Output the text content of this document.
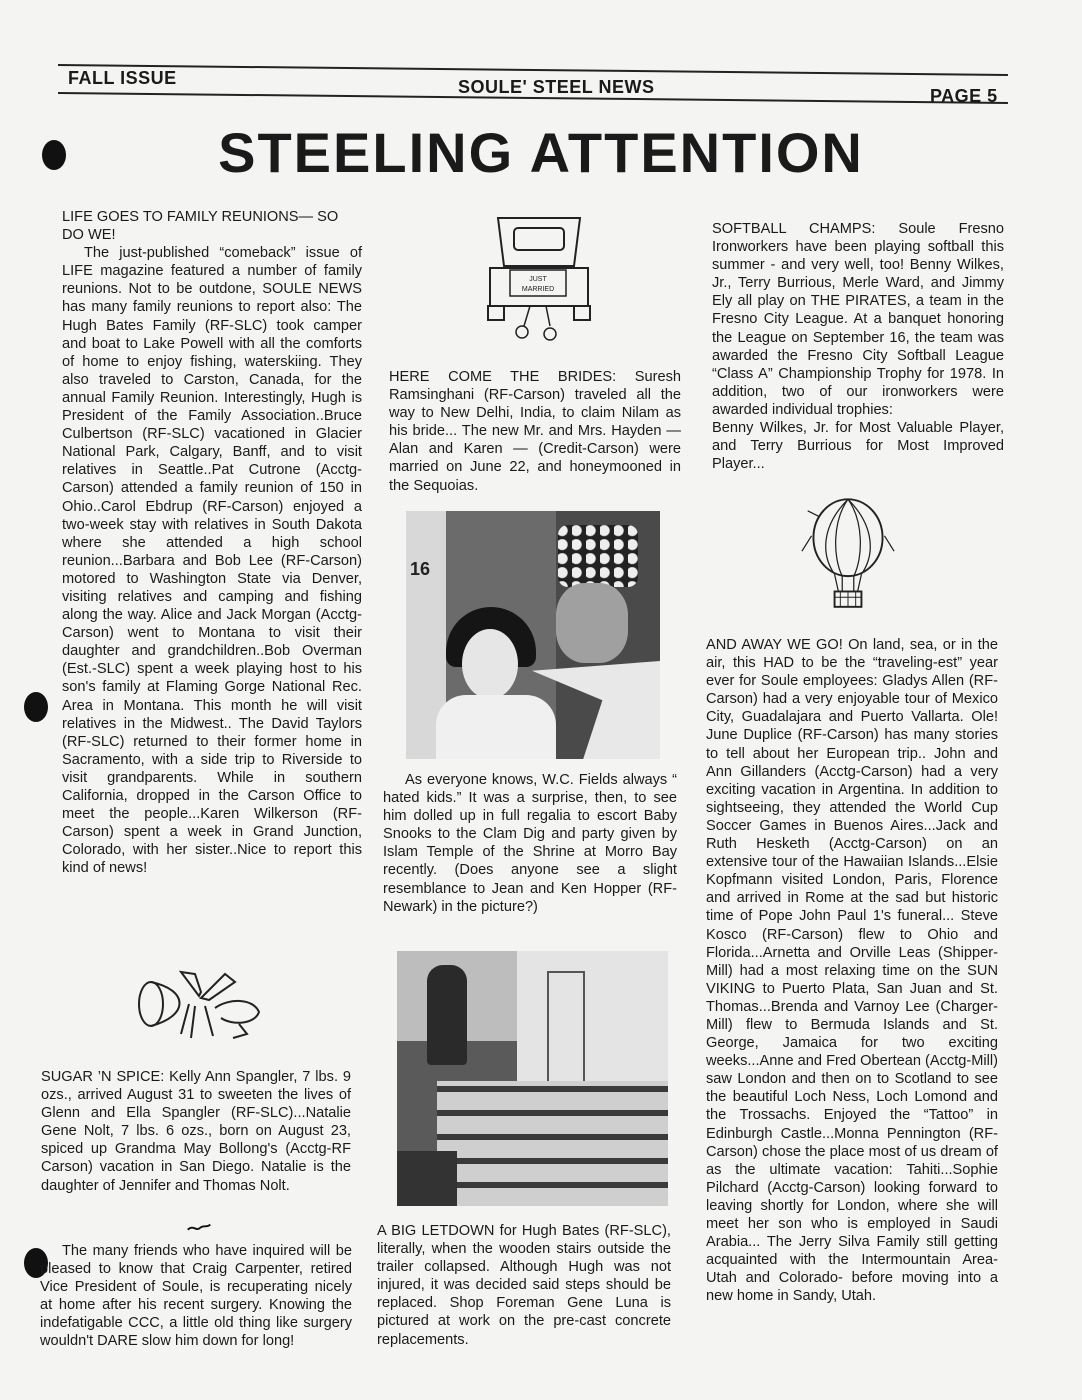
FALL ISSUE	SOULE' STEEL NEWS	PAGE 5
STEELING ATTENTION

LIFE GOES TO FAMILY REUNIONS— SO DO WE!

The just-published “comeback” issue of LIFE magazine featured a number of family reunions. Not to be outdone, SOULE NEWS has many family reunions to report also: The Hugh Bates Family (RF-SLC) took camper and boat to Lake Powell with all the comforts of home to enjoy fishing, waterskiing. They also traveled to Carston, Canada, for the annual Family Reunion. Interestingly, Hugh is President of the Family Association..Bruce Culbertson (RF-SLC) vacationed in Glacier National Park, Calgary, Banff, and to visit relatives in Seattle..Pat Cutrone (Acctg-Carson) attended a family reunion of 150 in Ohio..Carol Ebdrup (RF-Carson) enjoyed a two-week stay with relatives in South Dakota where she attended a high school reunion...Barbara and Bob Lee (RF-Carson) motored to Washington State via Denver, visiting relatives and camping and fishing along the way. Alice and Jack Morgan (Acctg-Carson) went to Montana to visit their daughter and grandchildren..Bob Overman (Est.-SLC) spent a week playing host to his son's family at Flaming Gorge National Rec. Area in Montana. This month he will visit relatives in the Midwest.. The David Taylors (RF-SLC) returned to their former home in Sacramento, with a side trip to Riverside to visit grandparents. While in southern California, dropped in the Carson Office to meet the people...Karen Wilkerson (RF-Carson) spent a week in Grand Junction, Colorado, with her sister..Nice to report this kind of news!

SUGAR ’N SPICE: Kelly Ann Spangler, 7 lbs. 9 ozs., arrived August 31 to sweeten the lives of Glenn and Ella Spangler (RF-SLC)...Natalie Gene Nolt, 7 lbs. 6 ozs., born on August 23, spiced up Grandma May Bollong's (Acctg-RF Carson) vacation in San Diego. Natalie is the daughter of Jennifer and Thomas Nolt.

The many friends who have inquired will be pleased to know that Craig Carpenter, retired Vice President of Soule, is recuperating nicely at home after his recent surgery. Knowing the indefatigable CCC, a little old thing like surgery wouldn't DARE slow him down for long!

JUST
MARRIED

HERE COME THE BRIDES: Suresh Ramsinghani (RF-Carson) traveled all the way to New Delhi, India, to claim Nilam as his bride... The new Mr. and Mrs. Hayden — Alan and Karen — (Credit-Carson) were married on June 22, and honeymooned in the Sequoias.

16

As everyone knows, W.C. Fields always “ hated kids.” It was a surprise, then, to see him dolled up in full regalia to escort Baby Snooks to the Clam Dig and party given by Islam Temple of the Shrine at Morro Bay recently. (Does anyone see a slight resemblance to Jean and Ken Hopper (RF-Newark) in the picture?)

A BIG LETDOWN for Hugh Bates (RF-SLC), literally, when the wooden stairs outside the trailer collapsed. Although Hugh was not injured, it was decided said steps should be replaced. Shop Foreman Gene Luna is pictured at work on the pre-cast concrete replacements.

SOFTBALL CHAMPS: Soule Fresno Ironworkers have been playing softball this summer - and very well, too! Benny Wilkes, Jr., Terry Burrious, Merle Ward, and Jimmy Ely all play on THE PIRATES, a team in the Fresno City League. At a banquet honoring the League on September 16, the team was awarded the Fresno City Softball League “Class A” Championship Trophy for 1978. In addition, two of our ironworkers were awarded individual trophies:

Benny Wilkes, Jr. for Most Valuable Player, and Terry Burrious for Most Improved Player...

AND AWAY WE GO! On land, sea, or in the air, this HAD to be the “traveling-est” year ever for Soule employees: Gladys Allen (RF-Carson) had a very enjoyable tour of Mexico City, Guadalajara and Puerto Vallarta. Ole! June Duplice (RF-Carson) has many stories to tell about her European trip.. John and Ann Gillanders (Acctg-Carson) had a very exciting vacation in Argentina. In addition to sightseeing, they attended the World Cup Soccer Games in Buenos Aires...Jack and Ruth Hesketh (Acctg-Carson) on an extensive tour of the Hawaiian Islands...Elsie Kopfmann visited London, Paris, Florence and arrived in Rome at the sad but historic time of Pope John Paul 1's funeral... Steve Kosco (RF-Carson) flew to Ohio and Florida...Arnetta and Orville Leas (Shipper-Mill) had a most relaxing time on the SUN VIKING to Puerto Plata, San Juan and St. Thomas...Brenda and Varnoy Lee (Charger-Mill) flew to Bermuda Islands and St. George, Jamaica for two exciting weeks...Anne and Fred Obertean (Acctg-Mill) saw London and then on to Scotland to see the beautiful Loch Ness, Loch Lomond and the Trossachs. Enjoyed the “Tattoo” in Edinburgh Castle...Monna Pennington (RF-Carson) chose the place most of us dream of as the ultimate vacation: Tahiti...Sophie Pilchard (Acctg-Carson) looking forward to leaving shortly for London, where she will meet her son who is employed in Saudi Arabia... The Jerry Silva Family still getting acquainted with the Intermountain Area- Utah and Colorado- before moving into a new home in Sandy, Utah.
